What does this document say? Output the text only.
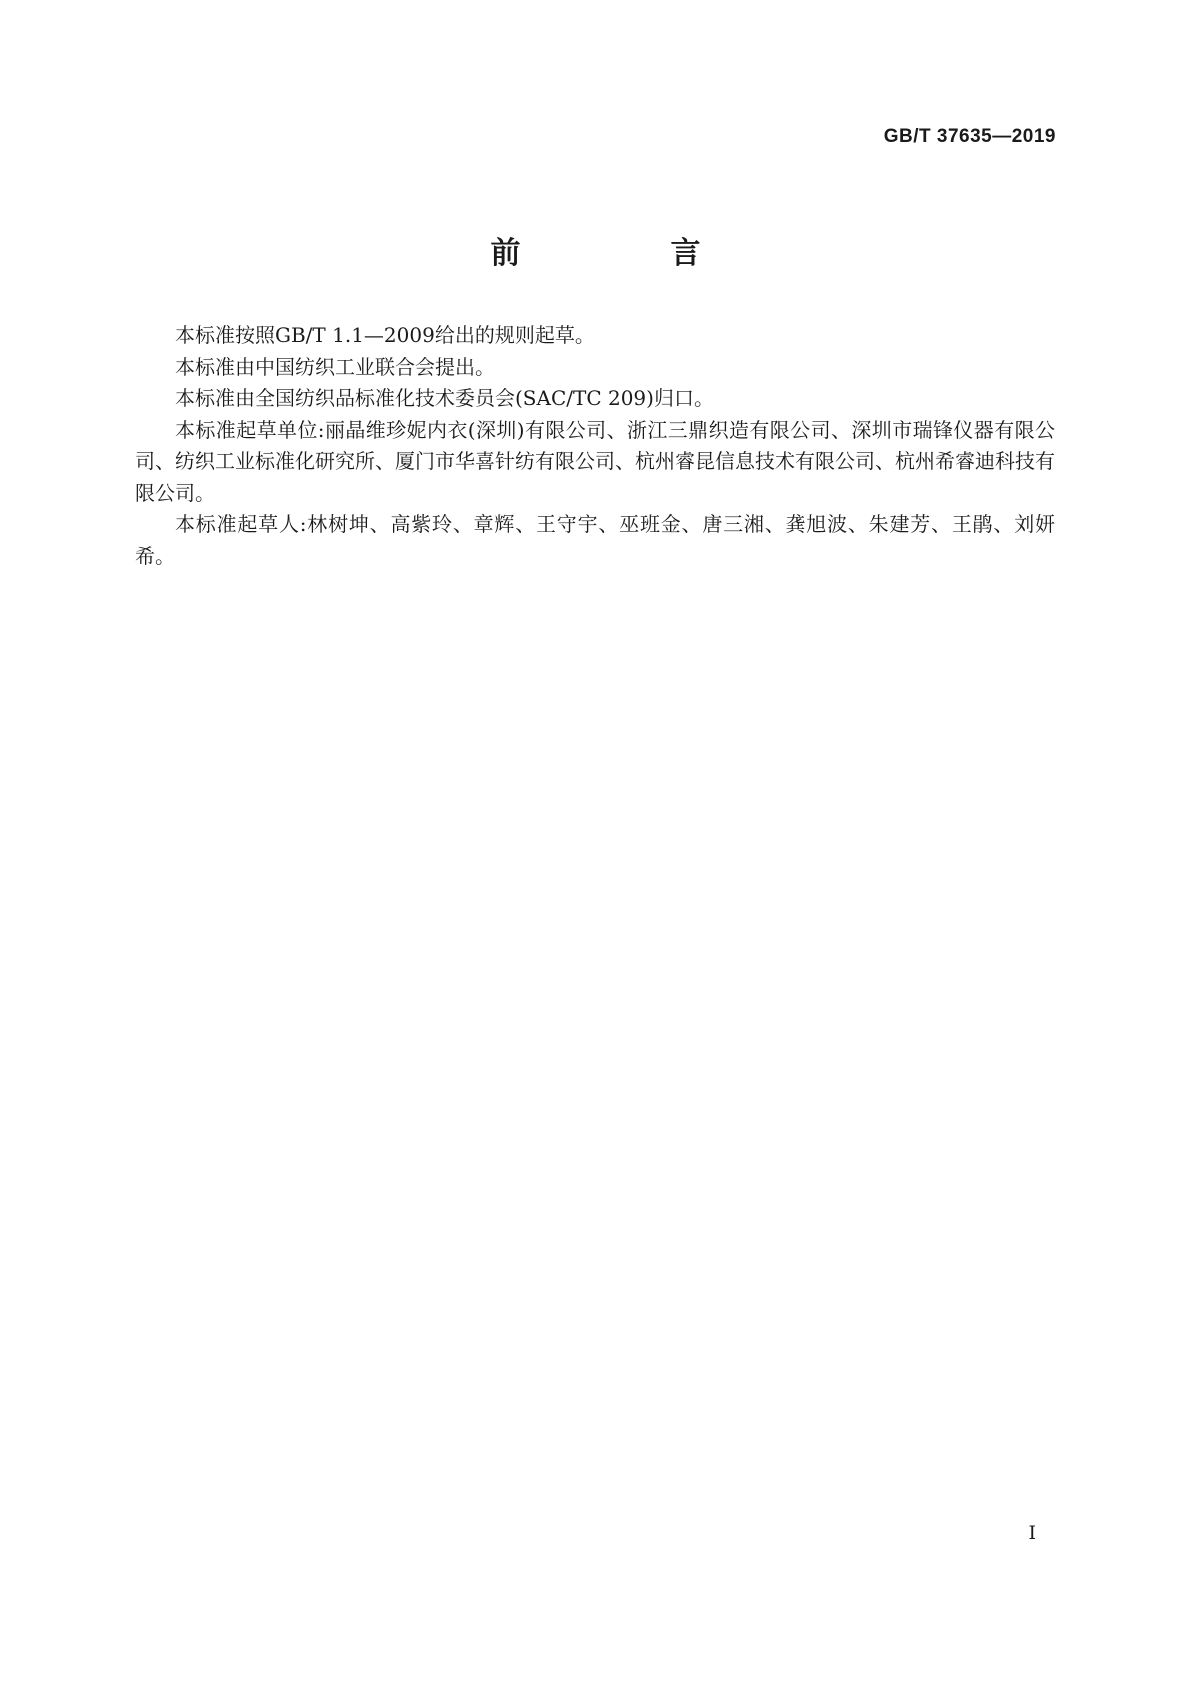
GB/T 37635—2019
前　言

本标准按照GB/T 1.1—2009给出的规则起草。

本标准由中国纺织工业联合会提出。

本标准由全国纺织品标准化技术委员会(SAC/TC 209)归口。

本标准起草单位:丽晶维珍妮内衣(深圳)有限公司、浙江三鼎织造有限公司、深圳市瑞锋仪器有限公司、纺织工业标准化研究所、厦门市华喜针纺有限公司、杭州睿昆信息技术有限公司、杭州希睿迪科技有限公司。

本标准起草人:林树坤、高紫玲、章辉、王守宇、巫班金、唐三湘、龚旭波、朱建芳、王鹃、刘妍希。

I
